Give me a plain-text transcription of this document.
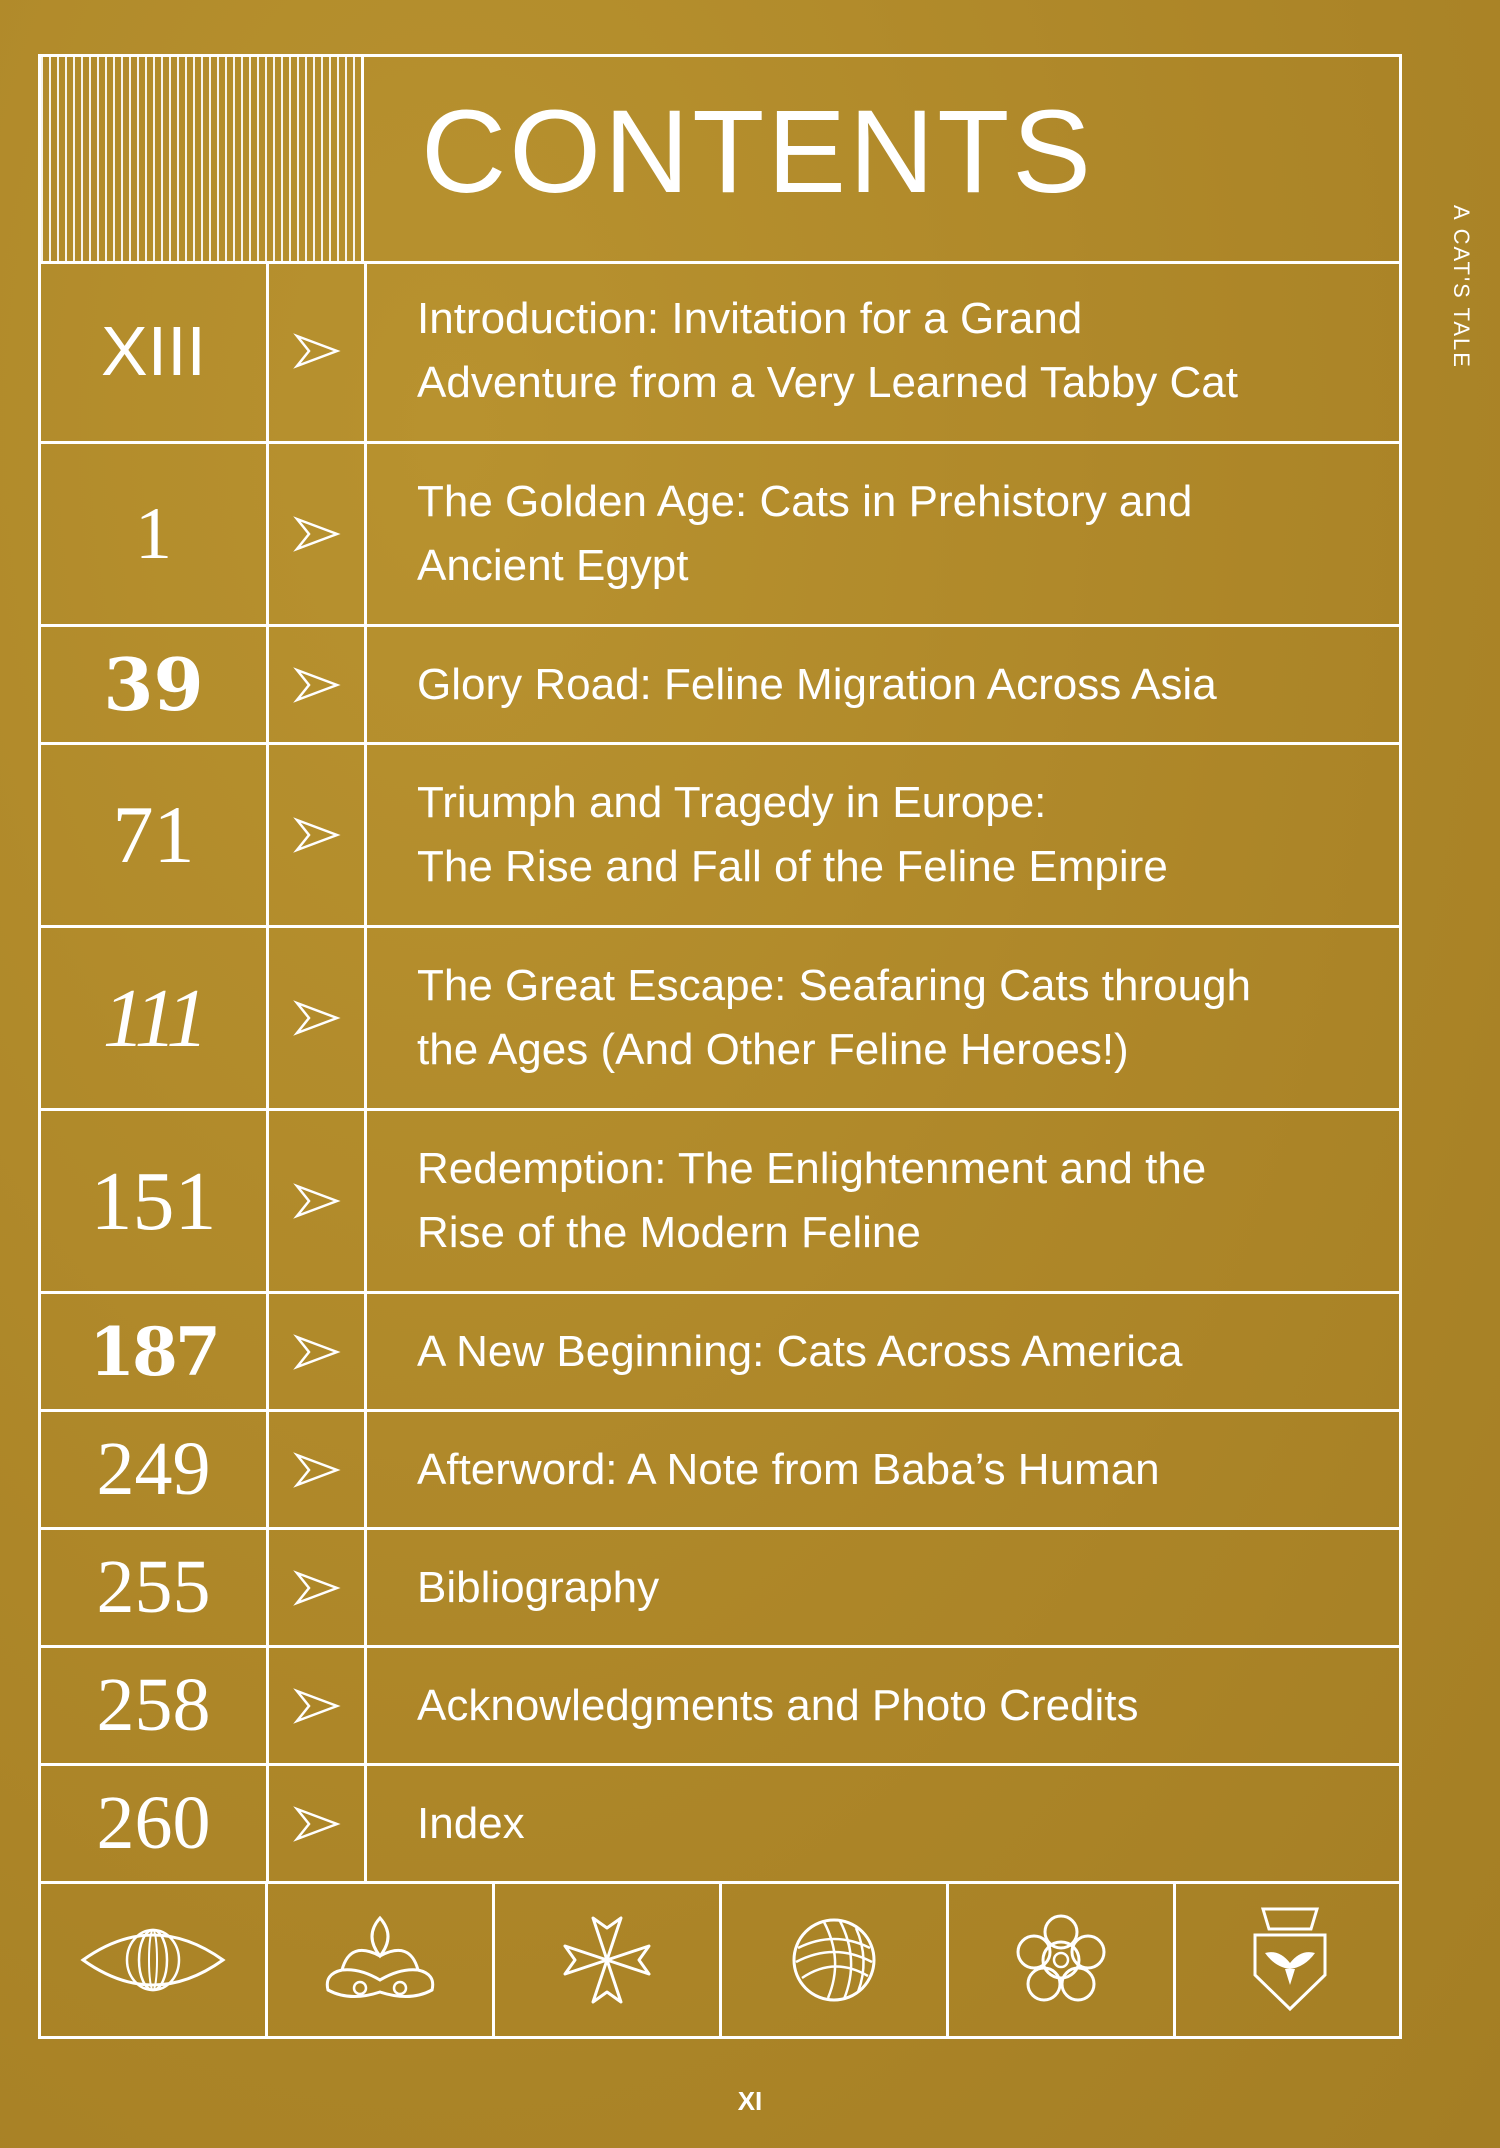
CONTENTS
XIII	Introduction: Invitation for a Grand
Adventure from a Very Learned Tabby Cat
1	The Golden Age: Cats in Prehistory and
Ancient Egypt
39	Glory Road: Feline Migration Across Asia
71	Triumph and Tragedy in Europe:
The Rise and Fall of the Feline Empire
111	The Great Escape: Seafaring Cats through
the Ages (And Other Feline Heroes!)
151	Redemption: The Enlightenment and the
Rise of the Modern Feline
187	A New Beginning: Cats Across America
249	Afterword: A Note from Baba’s Human
255	Bibliography
258	Acknowledgments and Photo Credits
260	Index
A CAT'S TALE
XI
